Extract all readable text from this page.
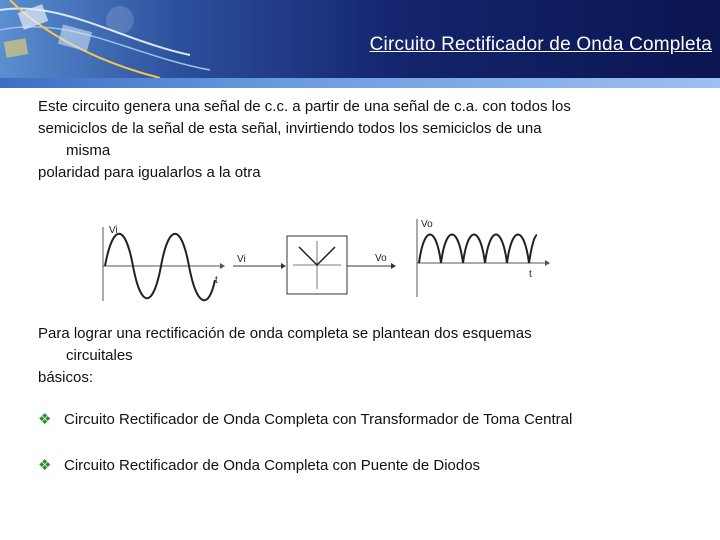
Circuito Rectificador de Onda Completa

Este circuito genera una señal de c.c. a partir de una señal de c.a. con todos los

semiciclos de la señal de esta señal, invirtiendo todos los semiciclos de una

misma

polaridad para igualarlos a la otra

Vi
t
Vi	Vo
Vo
t

Para lograr una rectificación de onda completa se plantean dos esquemas

circuitales

básicos:

❖ Circuito Rectificador de Onda Completa con Transformador de Toma Central
❖ Circuito Rectificador de Onda Completa con Puente de Diodos
